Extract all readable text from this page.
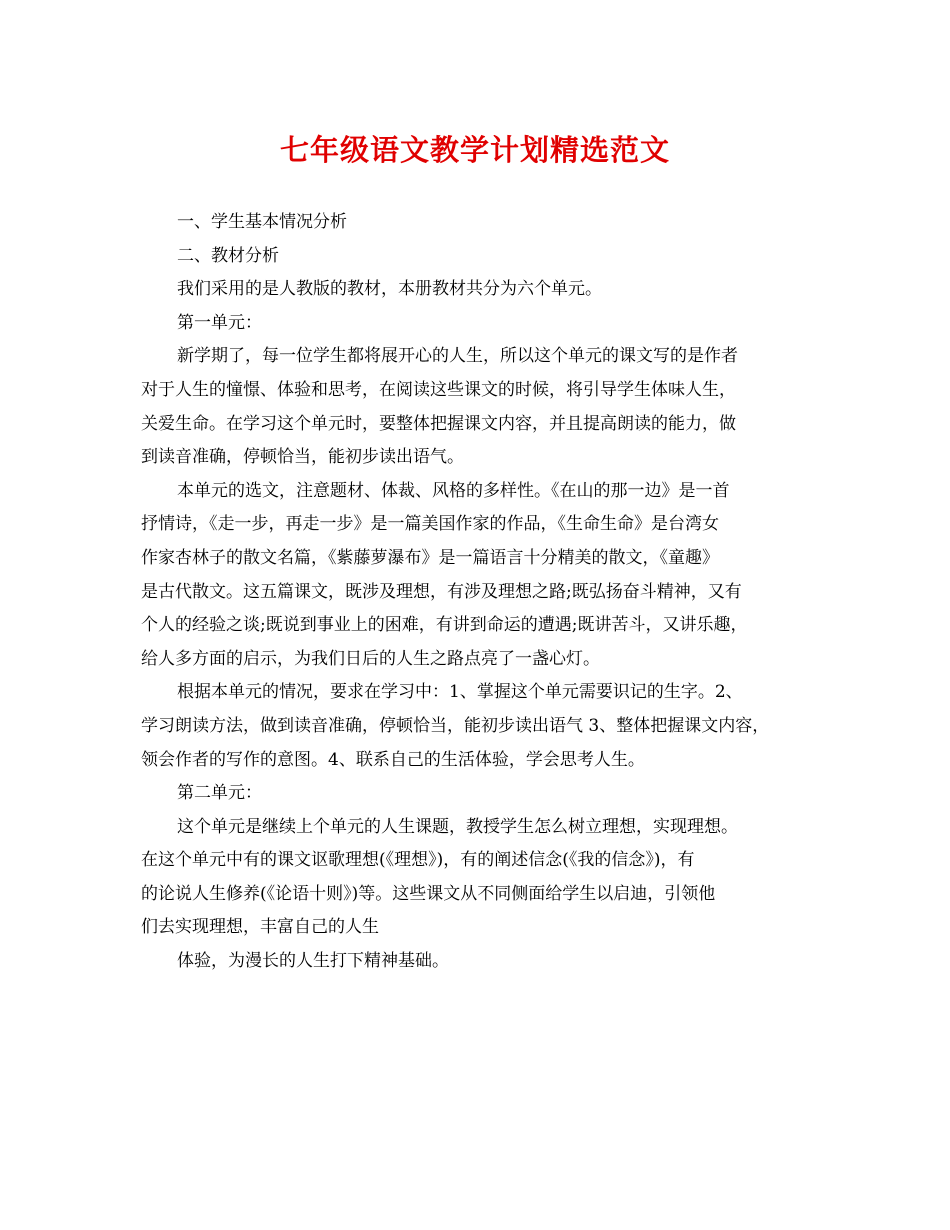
七年级语文教学计划精选范文
一、学生基本情况分析
二、教材分析
我们采用的是人教版的教材，本册教材共分为六个单元。
第一单元：
新学期了，每一位学生都将展开心的人生，所以这个单元的课文写的是作者
对于人生的憧憬、体验和思考，在阅读这些课文的时候，将引导学生体味人生，
关爱生命。在学习这个单元时，要整体把握课文内容，并且提高朗读的能力，做
到读音准确，停顿恰当，能初步读出语气。
本单元的选文，注意题材、体裁、风格的多样性。《在山的那一边》是一首
抒情诗，《走一步，再走一步》是一篇美国作家的作品，《生命生命》是台湾女
作家杏林子的散文名篇，《紫藤萝瀑布》是一篇语言十分精美的散文，《童趣》
是古代散文。这五篇课文，既涉及理想，有涉及理想之路;既弘扬奋斗精神，又有
个人的经验之谈;既说到事业上的困难，有讲到命运的遭遇;既讲苦斗，又讲乐趣，
给人多方面的启示，为我们日后的人生之路点亮了一盏心灯。
根据本单元的情况，要求在学习中：1、掌握这个单元需要识记的生字。2、
学习朗读方法，做到读音准确，停顿恰当，能初步读出语气 3、整体把握课文内容，
领会作者的写作的意图。4、联系自己的生活体验，学会思考人生。
第二单元：
这个单元是继续上个单元的人生课题，教授学生怎么树立理想，实现理想。
在这个单元中有的课文讴歌理想(《理想》)，有的阐述信念(《我的信念》)，有
的论说人生修养(《论语十则》)等。这些课文从不同侧面给学生以启迪，引领他
们去实现理想，丰富自己的人生
体验，为漫长的人生打下精神基础。
